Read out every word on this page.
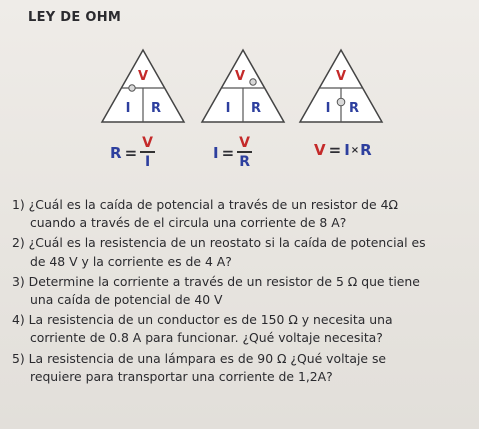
LEY DE OHM
V
I R
V
I R
V
I R
$R = \frac{V}{I}$	$I = \frac{V}{R}$	V = I × R
1) ¿Cuál es la caída de potencial a través de un resistor de 4Ω
cuando a través de el circula una corriente de 8 A?
2) ¿Cuál es la resistencia de un reostato si la caída de potencial es
de 48 V y la corriente es de 4 A?
3) Determine la corriente a través de un resistor de 5 Ω que tiene
una caída de potencial de 40 V
4) La resistencia de un conductor es de 150 Ω y necesita una
corriente de 0.8 A para funcionar. ¿Qué voltaje necesita?
5) La resistencia de una lámpara es de 90 Ω ¿Qué voltaje se
requiere para transportar una corriente de 1,2A?
